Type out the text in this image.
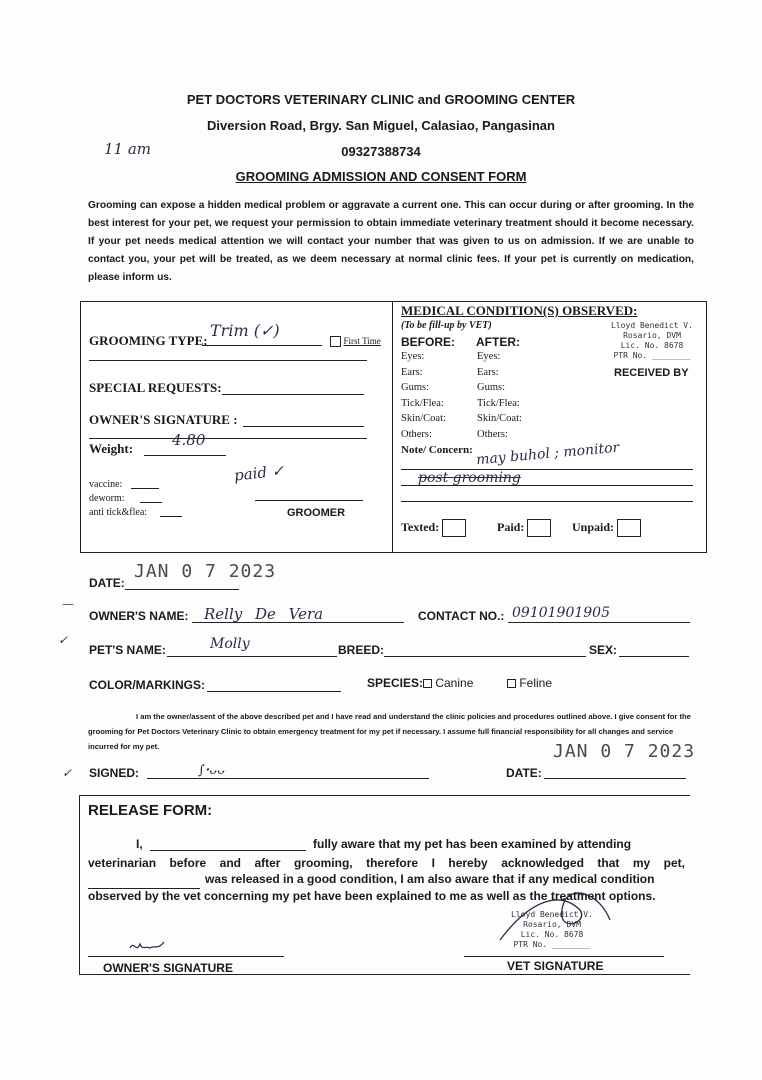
PET DOCTORS VETERINARY CLINIC and GROOMING CENTER
Diversion Road, Brgy. San Miguel, Calasiao, Pangasinan
09327388734
11 am
GROOMING ADMISSION AND CONSENT FORM
Grooming can expose a hidden medical problem or aggravate a current one. This can occur during or after grooming. In the best interest for your pet, we request your permission to obtain immediate veterinary treatment should it become necessary. If your pet needs medical attention we will contact your number that was given to us on admission. If we are unable to contact you, your pet will be treated, as we deem necessary at normal clinic fees. If your pet is currently on medication, please inform us.
GROOMING TYPE:
Trim (✓)
First Time
SPECIAL REQUESTS:
OWNER'S SIGNATURE :
Weight:	4.80
vaccine:
deworm:
anti tick&flea:
paid ✓
GROOMER
MEDICAL CONDITION(S) OBSERVED:
(To be fill-up by VET)
BEFORE: AFTER:
Eyes:	Eyes:
Ears:	Ears:
Gums:	Gums:
Tick/Flea:	Tick/Flea:
Skin/Coat:	Skin/Coat:
Others:	Others:
Lloyd Benedict V. Rosario, DVM
Lic. No. 8678
PTR No. ________
RECEIVED BY
Note/ Concern: may buhol ; monitor
post grooming
Texted:	Paid:	Unpaid:
DATE:
JAN 0 7 2023
—
OWNER'S NAME: Relly De Vera	CONTACT NO.: 09101901905
✓
PET'S NAME:	Molly	BREED:	SEX:
COLOR/MARKINGS:	SPECIES:	Canine	Feline
I am the owner/assent of the above described pet and I have read and understand the clinic policies and procedures outlined above. I give consent for the grooming for Pet Doctors Veterinary Clinic to obtain emergency treatment for my pet if necessary. I assume full financial responsibility for all changes and service incurred for my pet.	JAN 0 7 2023
✓ SIGNED:	∫ꞏᴗᴗ	DATE:
RELEASE FORM:
I,	fully aware that my pet has been examined by attending
veterinarian before and after grooming, therefore I hereby acknowledged that my pet,
was released in a good condition, I am also aware that if any medical condition
observed by the vet concerning my pet have been explained to me as well as the treatment options.
Lloyd Benedict V. Rosario, DVM
Lic. No. 8678
PTR No. ________
OWNER'S SIGNATURE	VET SIGNATURE
